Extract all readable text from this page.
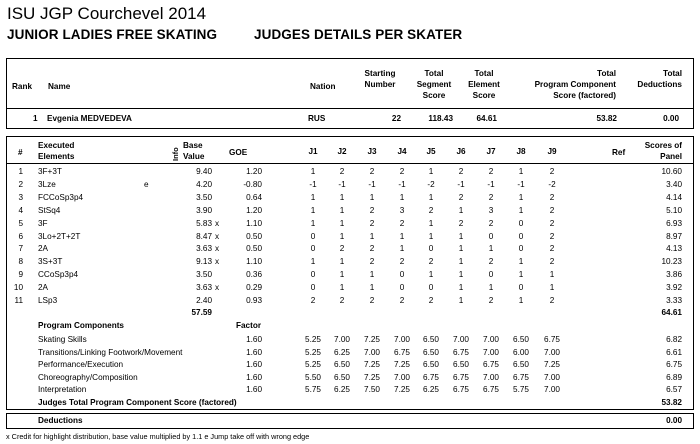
ISU JGP Courchevel 2014
JUNIOR LADIES FREE SKATING	JUDGES DETAILS PER SKATER
Rank Name	Nation
Starting
Number
Total
Segment
Score
Total
Element
Score
Total
Program Component
Score (factored)
Total
Deductions
1 Evgenia MEDVEDEVA	RUS	22	118.43	64.61	53.82	0.00
#
Executed
Elements	Info
Base
Value	GOE	J1	J2	J3	J4	J5	J6	J7	J8	J9	Ref
Scores of
Panel
1 3F+3T	9.40	1.20	1	2	2	2	1	2	2	1	2	10.60
2 3Lze	e	4.20	-0.80	-1	-1	-1	-1	-2	-1	-1	-1	-2	3.40
3 FCCoSp3p4	3.50	0.64	1	1	1	1	1	2	2	1	2	4.14
4 StSq4	3.90	1.20	1	1	2	3	2	1	3	1	2	5.10
5 3F	5.83 x	1.10	1	1	2	2	1	2	2	0	2	6.93
6 3Lo+2T+2T	8.47 x	0.50	0	1	1	1	1	1	0	0	2	8.97
7 2A	3.63 x	0.50	0	2	2	1	0	1	1	0	2	4.13
8 3S+3T	9.13 x	1.10	1	1	2	2	2	1	2	1	2	10.23
9 CCoSp3p4	3.50	0.36	0	1	1	0	1	1	0	1	1	3.86
10 2A	3.63 x	0.29	0	1	1	0	0	1	1	0	1	3.92
11 LSp3	2.40	0.93	2	2	2	2	2	1	2	1	2	3.33
57.59	64.61
Program Components	Factor
Skating Skills	1.60	5.25	7.00	7.25	7.00	6.50	7.00	7.00	6.50	6.75	6.82
Transitions/Linking Footwork/Movement	1.60	5.25	6.25	7.00	6.75	6.50	6.75	7.00	6.00	7.00	6.61
Performance/Execution	1.60	5.25	6.50	7.25	7.25	6.50	6.50	6.75	6.50	7.25	6.75
Choreography/Composition	1.60	5.50	6.50	7.25	7.00	6.75	6.75	7.00	6.75	7.00	6.89
Interpretation	1.60	5.75	6.25	7.50	7.25	6.25	6.75	6.75	5.75	7.00	6.57
Judges Total Program Component Score (factored)	53.82
Deductions	0.00
x Credit for highlight distribution, base value multiplied by 1.1 e Jump take off with wrong edge
